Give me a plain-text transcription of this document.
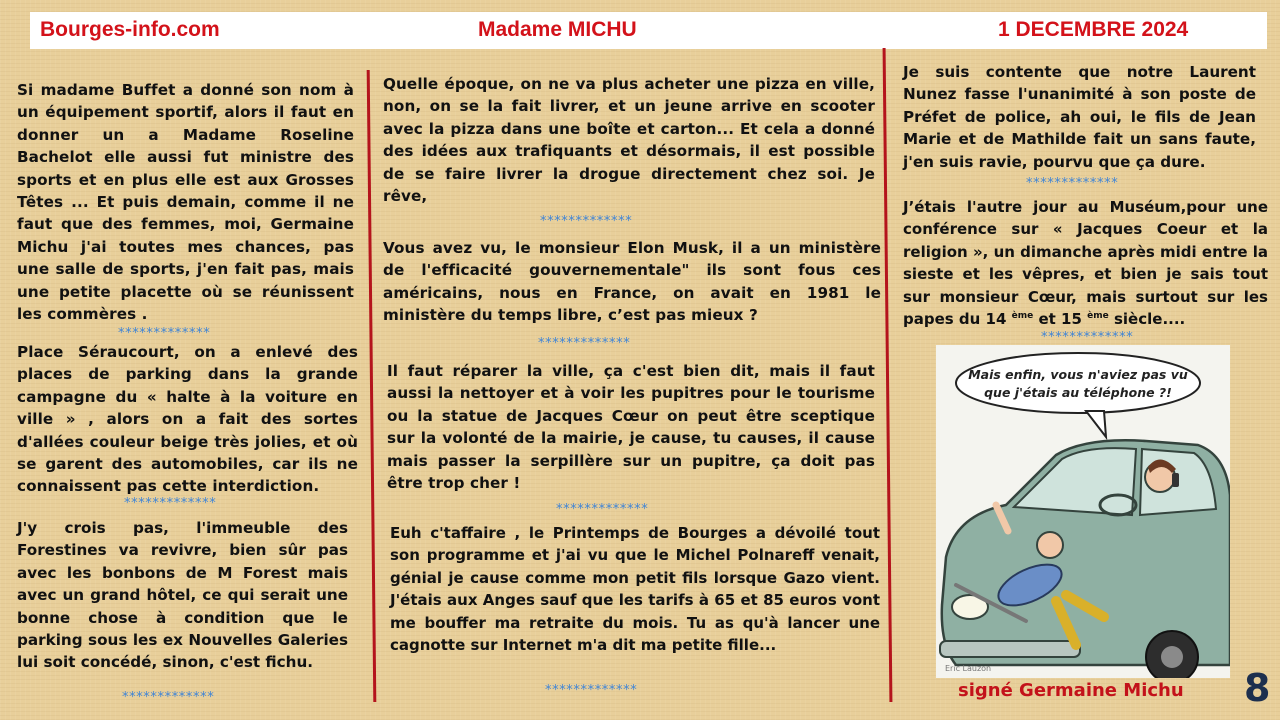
Bourges-info.com	Madame MICHU	1 DECEMBRE 2024

Si madame Buffet a donné son nom à un équipement sportif, alors il faut en donner un a Madame Roseline Bachelot elle aussi fut ministre des sports et en plus elle est aux Grosses Têtes ... Et puis demain, comme il ne faut que des femmes, moi, Germaine Michu j'ai toutes mes chances, pas une salle de sports, j'en fait pas, mais une petite placette où se réunissent les commères .

*************

Place Séraucourt, on a enlevé des places de parking dans la grande campagne du « halte à la voiture en ville » , alors on a fait des sortes d'allées couleur beige très jolies, et où se garent des automobiles, car ils ne connaissent pas cette interdiction.

*************

J'y crois pas, l'immeuble des Forestines va revivre, bien sûr pas avec les bonbons de M Forest mais avec un grand hôtel, ce qui serait une bonne chose à condition que le parking sous les ex Nouvelles Galeries lui soit concédé, sinon, c'est fichu.

*************

Quelle époque, on ne va plus acheter une pizza en ville, non, on se la fait livrer, et un jeune arrive en scooter avec la pizza dans une boîte et carton... Et cela a donné des idées aux trafiquants et désormais, il est possible de se faire livrer la drogue directement chez soi. Je rêve,

*************

Vous avez vu, le monsieur Elon Musk, il a un ministère de l'efficacité gouvernementale" ils sont fous ces américains, nous en France, on avait en 1981 le ministère du temps libre, c’est pas mieux ?

*************

Il faut réparer la ville, ça c'est bien dit, mais il faut aussi la nettoyer et à voir les pupitres pour le tourisme ou la statue de Jacques Cœur on peut être sceptique sur la volonté de la mairie, je cause, tu causes, il cause mais passer la serpillère sur un pupitre, ça doit pas être trop cher !

*************

Euh c'taffaire , le Printemps de Bourges a dévoilé tout son programme et j'ai vu que le Michel Polnareff venait, génial je cause comme mon petit fils lorsque Gazo vient. J'étais aux Anges sauf que les tarifs à 65 et 85 euros vont me bouffer ma retraite du mois. Tu as qu'à lancer une cagnotte sur Internet m'a dit ma petite fille...

*************

Je suis contente que notre Laurent Nunez fasse l'unanimité à son poste de Préfet de police, ah oui, le fils de Jean Marie et de Mathilde fait un sans faute, j'en suis ravie, pourvu que ça dure.

*************

J’étais l'autre jour au Muséum,pour une conférence sur « Jacques Coeur et la religion », un dimanche après midi entre la sieste et les vêpres, et bien je sais tout sur monsieur Cœur, mais surtout sur les papes du 14 $^{ème}$ et 15 $^{ème}$ siècle....

*************
Mais enfin, vous n'aviez pas vu
que j'étais au téléphone ?!
Eric Lauzon
signé Germaine Michu 8
